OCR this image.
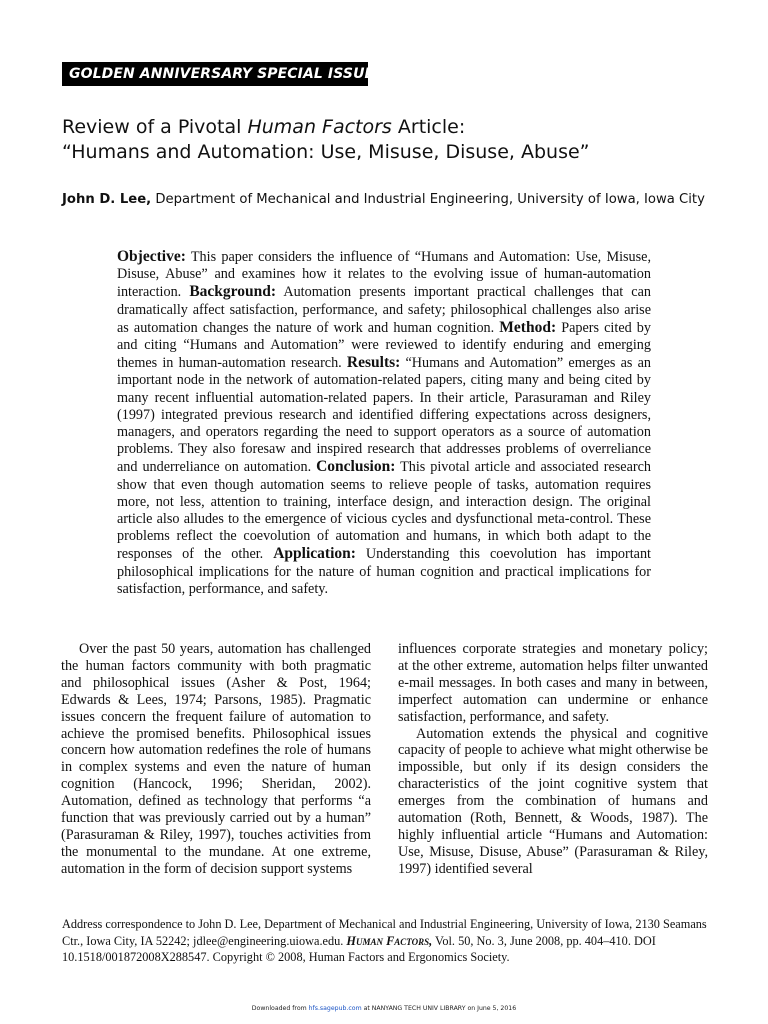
GOLDEN ANNIVERSARY SPECIAL ISSUE
Review of a Pivotal Human Factors Article:
“Humans and Automation: Use, Misuse, Disuse, Abuse”
John D. Lee, Department of Mechanical and Industrial Engineering, University of Iowa, Iowa City
Objective: This paper considers the influence of “Humans and Automation: Use, Misuse, Disuse, Abuse” and examines how it relates to the evolving issue of human-automation interaction. Background: Automation presents important practical challenges that can dramatically affect satisfaction, performance, and safety; philosophical challenges also arise as automation changes the nature of work and human cognition. Method: Papers cited by and citing “Humans and Automation” were reviewed to identify enduring and emerging themes in human-automation research. Results: “Humans and Automation” emerges as an important node in the network of automation-related papers, citing many and being cited by many recent influential automation-related papers. In their article, Parasuraman and Riley (1997) integrated previous research and identified differing expectations across designers, managers, and operators regarding the need to support operators as a source of automation problems. They also foresaw and inspired research that addresses problems of overreliance and underreliance on automation. Conclusion: This pivotal article and associated research show that even though automation seems to relieve people of tasks, automation requires more, not less, attention to training, interface design, and interaction design. The original article also alludes to the emergence of vicious cycles and dysfunctional meta-control. These problems reflect the coevolution of automation and humans, in which both adapt to the responses of the other. Application: Understanding this coevolution has important philosophical implications for the nature of human cognition and practical implications for satisfaction, performance, and safety.

Over the past 50 years, automation has challenged the human factors community with both pragmatic and philosophical issues (Asher & Post, 1964; Edwards & Lees, 1974; Parsons, 1985). Pragmatic issues concern the frequent failure of automation to achieve the promised benefits. Philosophical issues concern how automation redefines the role of humans in complex systems and even the nature of human cognition (Hancock, 1996; Sheridan, 2002). Automation, defined as technology that performs “a function that was previously carried out by a human” (Parasuraman & Riley, 1997), touches activities from the monumental to the mundane. At one extreme, automation in the form of decision support systems

influences corporate strategies and monetary policy; at the other extreme, automation helps filter unwanted e-mail messages. In both cases and many in between, imperfect automation can undermine or enhance satisfaction, performance, and safety.

Automation extends the physical and cognitive capacity of people to achieve what might otherwise be impossible, but only if its design considers the characteristics of the joint cognitive system that emerges from the combination of humans and automation (Roth, Bennett, & Woods, 1987). The highly influential article “Humans and Automation: Use, Misuse, Disuse, Abuse” (Parasuraman & Riley, 1997) identified several

Address correspondence to John D. Lee, Department of Mechanical and Industrial Engineering, University of Iowa, 2130 Seamans Ctr., Iowa City, IA 52242; jdlee@engineering.uiowa.edu. Human Factors, Vol. 50, No. 3, June 2008, pp. 404–410. DOI 10.1518/001872008X288547. Copyright © 2008, Human Factors and Ergonomics Society.
Downloaded from hfs.sagepub.com at NANYANG TECH UNIV LIBRARY on June 5, 2016
